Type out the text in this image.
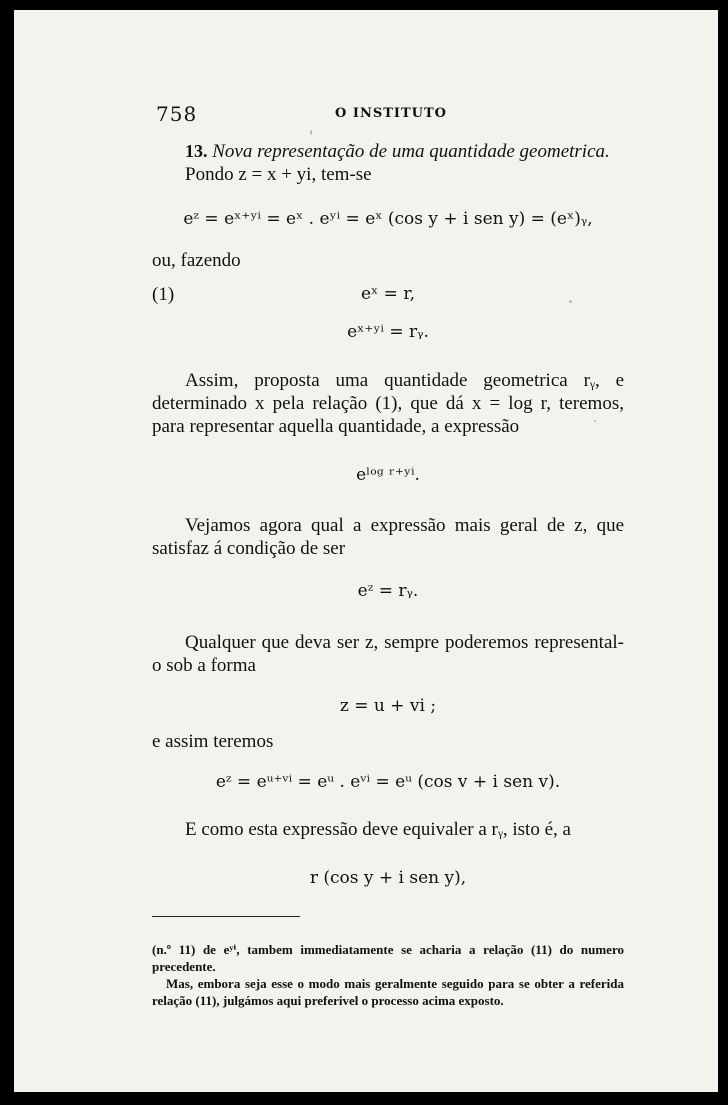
758	O INSTITUTO

13. Nova representação de uma quantidade geometrica.

Pondo z = x + yi, tem-se

eᶻ = eˣ⁺ʸⁱ = eˣ . eʸⁱ = eˣ (cos y + i sen y) = (eˣ)ᵧ,

ou, fazendo

(1)	eˣ = r,

eˣ⁺ʸⁱ = rᵧ.

Assim, proposta uma quantidade geometrica rᵧ, e determinado x pela relação (1), que dá x = log r, teremos, para representar aquella quantidade, a expressão

eˡᵒᵍ ʳ⁺ʸⁱ.

Vejamos agora qual a expressão mais geral de z, que satisfaz á condição de ser

eᶻ = rᵧ.

Qualquer que deva ser z, sempre poderemos represental-o sob a forma

z = u + vi ;

e assim teremos

eᶻ = eᵘ⁺ᵛⁱ = eᵘ . eᵛⁱ = eᵘ (cos v + i sen v).

E como esta expressão deve equivaler a rᵧ, isto é, a

r (cos y + i sen y),

(n.º 11) de eʸⁱ, tambem immediatamente se acharia a relação (11) do numero precedente.

Mas, embora seja esse o modo mais geralmente seguido para se obter a referida relação (11), julgámos aqui preferivel o processo acima exposto.
